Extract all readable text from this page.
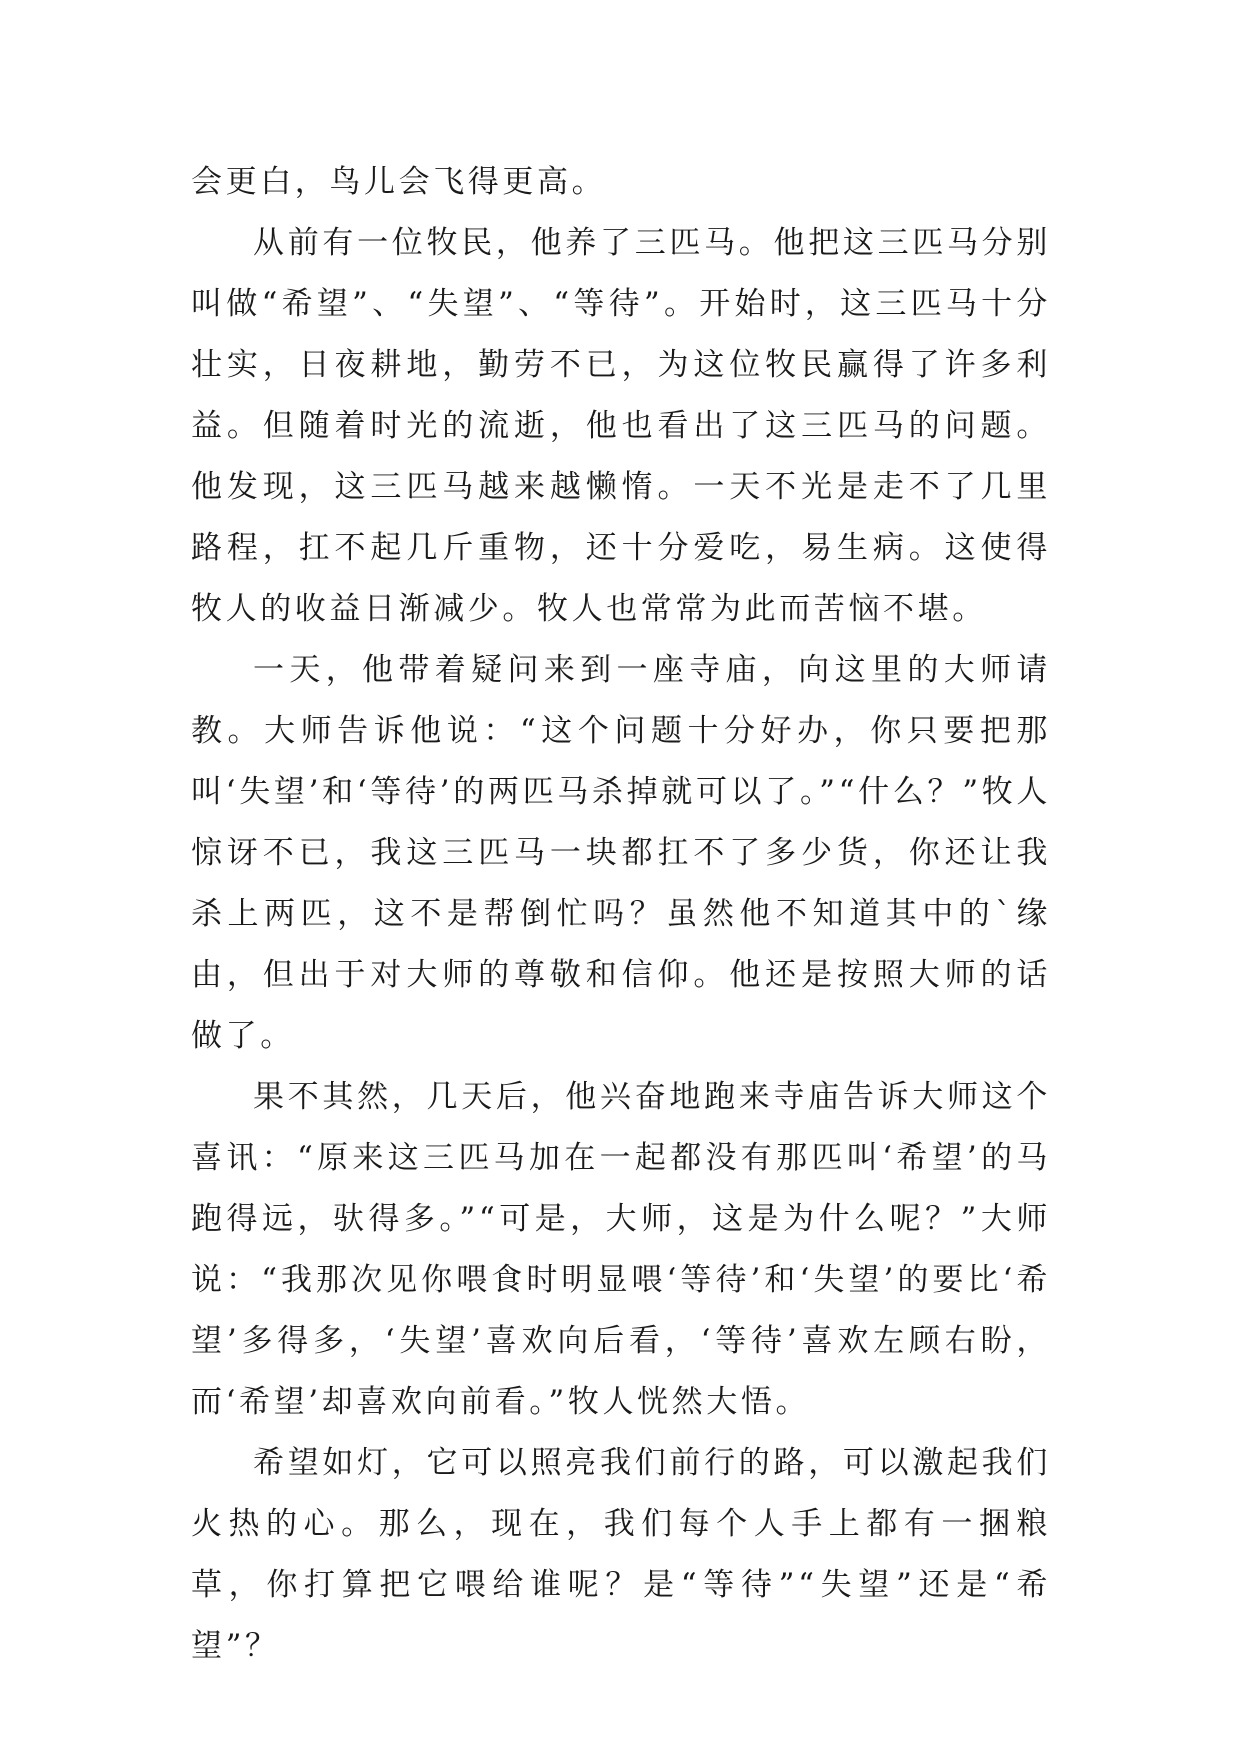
会更白，鸟儿会飞得更高。

从前有一位牧民，他养了三匹马。他把这三匹马分别叫做“希望”、“失望”、“等待”。开始时，这三匹马十分壮实，日夜耕地，勤劳不已，为这位牧民赢得了许多利益。但随着时光的流逝，他也看出了这三匹马的问题。他发现，这三匹马越来越懒惰。一天不光是走不了几里路程，扛不起几斤重物，还十分爱吃，易生病。这使得牧人的收益日渐减少。牧人也常常为此而苦恼不堪。

一天，他带着疑问来到一座寺庙，向这里的大师请教。大师告诉他说：“这个问题十分好办，你只要把那叫‘失望’和‘等待’的两匹马杀掉就可以了。”“什么？”牧人惊讶不已，我这三匹马一块都扛不了多少货，你还让我杀上两匹，这不是帮倒忙吗？虽然他不知道其中的`缘由，但出于对大师的尊敬和信仰。他还是按照大师的话做了。

果不其然，几天后，他兴奋地跑来寺庙告诉大师这个喜讯：“原来这三匹马加在一起都没有那匹叫‘希望’的马跑得远，驮得多。”“可是，大师，这是为什么呢？”大师说：“我那次见你喂食时明显喂‘等待’和‘失望’的要比‘希望’多得多，‘失望’喜欢向后看，‘等待’喜欢左顾右盼，而‘希望’却喜欢向前看。”牧人恍然大悟。

希望如灯，它可以照亮我们前行的路，可以激起我们火热的心。那么，现在，我们每个人手上都有一捆粮草，你打算把它喂给谁呢？是“等待”“失望”还是“希望”？
